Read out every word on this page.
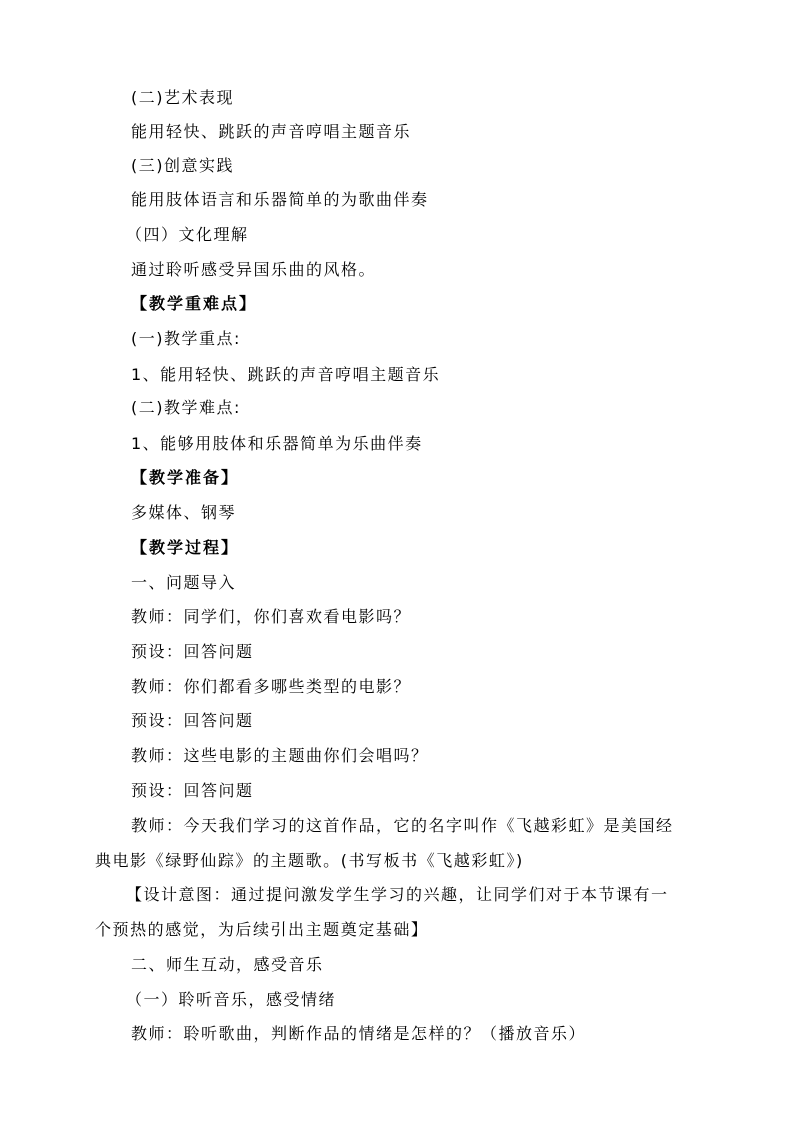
(二)艺术表现
能用轻快、跳跃的声音哼唱主题音乐
(三)创意实践
能用肢体语言和乐器简单的为歌曲伴奏
（四）文化理解
通过聆听感受异国乐曲的风格。
【教学重难点】
(一)教学重点:
1、能用轻快、跳跃的声音哼唱主题音乐
(二)教学难点:
1、能够用肢体和乐器简单为乐曲伴奏
【教学准备】
多媒体、钢琴
【教学过程】
一、问题导入
教师：同学们，你们喜欢看电影吗？
预设：回答问题
教师：你们都看多哪些类型的电影？
预设：回答问题
教师：这些电影的主题曲你们会唱吗？
预设：回答问题
教师：今天我们学习的这首作品，它的名字叫作《飞越彩虹》是美国经
典电影《绿野仙踪》的主题歌。(书写板书《飞越彩虹》)
【设计意图：通过提问激发学生学习的兴趣，让同学们对于本节课有一
个预热的感觉，为后续引出主题奠定基础】
二、师生互动，感受音乐
（一）聆听音乐，感受情绪
教师：聆听歌曲，判断作品的情绪是怎样的？（播放音乐）
